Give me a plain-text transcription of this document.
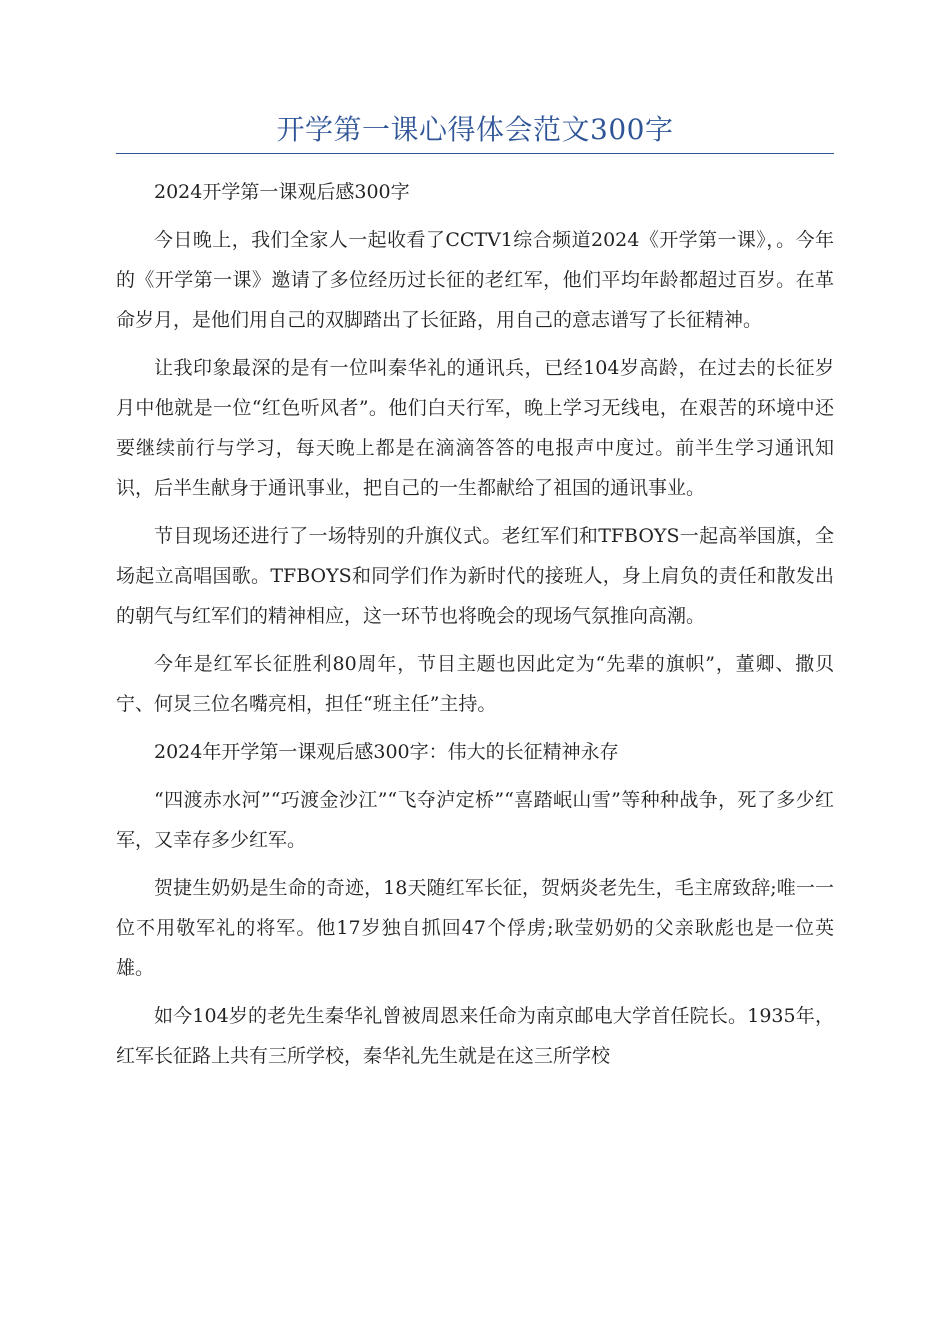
开学第一课心得体会范文300字

2024开学第一课观后感300字

今日晚上，我们全家人一起收看了CCTV1综合频道2024《开学第一课》，。今年的《开学第一课》邀请了多位经历过长征的老红军，他们平均年龄都超过百岁。在革命岁月，是他们用自己的双脚踏出了长征路，用自己的意志谱写了长征精神。

让我印象最深的是有一位叫秦华礼的通讯兵，已经104岁高龄，在过去的长征岁月中他就是一位“红色听风者”。他们白天行军，晚上学习无线电，在艰苦的环境中还要继续前行与学习，每天晚上都是在滴滴答答的电报声中度过。前半生学习通讯知识，后半生献身于通讯事业，把自己的一生都献给了祖国的通讯事业。

节目现场还进行了一场特别的升旗仪式。老红军们和TFBOYS一起高举国旗，全场起立高唱国歌。TFBOYS和同学们作为新时代的接班人，身上肩负的责任和散发出的朝气与红军们的精神相应，这一环节也将晚会的现场气氛推向高潮。

今年是红军长征胜利80周年，节目主题也因此定为“先辈的旗帜”，董卿、撒贝宁、何炅三位名嘴亮相，担任“班主任”主持。

2024年开学第一课观后感300字：伟大的长征精神永存

“四渡赤水河”“巧渡金沙江”“飞夺泸定桥”“喜踏岷山雪”等种种战争，死了多少红军，又幸存多少红军。

贺捷生奶奶是生命的奇迹，18天随红军长征，贺炳炎老先生，毛主席致辞;唯一一位不用敬军礼的将军。他17岁独自抓回47个俘虏;耿莹奶奶的父亲耿彪也是一位英雄。

如今104岁的老先生秦华礼曾被周恩来任命为南京邮电大学首任院长。1935年，红军长征路上共有三所学校，秦华礼先生就是在这三所学校
